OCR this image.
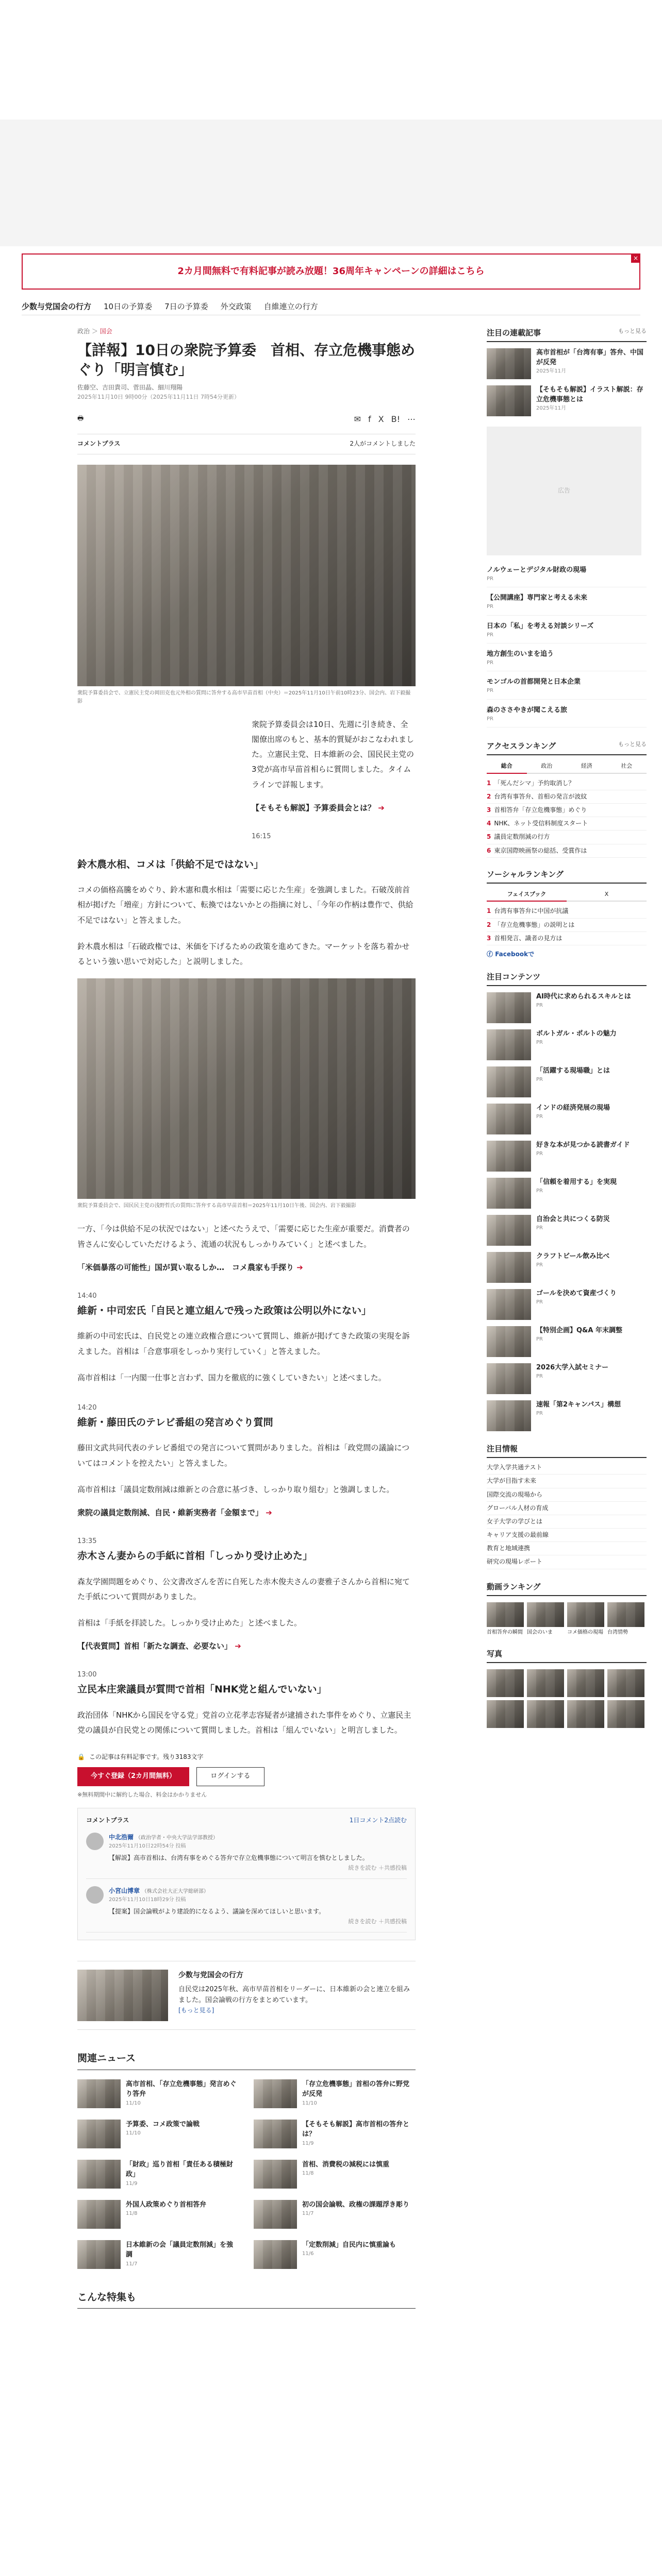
2カ月間無料で有料記事が読み放題！36周年キャンペーンの詳細はこちら
×
少数与党国会の行方 10日の予算委 7日の予算委 外交政策 自維連立の行方
政治 ＞ 国会
【詳報】10日の衆院予算委　首相、存立危機事態めぐり「明言慎む」
佐藤空、吉田貴司、菅田晶、細川翔陽
2025年11月10日 9時00分（2025年11月11日 7時54分更新）
🖶	✉ f X B! ⋯
コメントプラス	2人がコメントしました
衆院予算委員会で、立憲民主党の岡田克也元外相の質問に答弁する高市早苗首相（中央）＝2025年11月10日午前10時23分、国会内、岩下毅撮影

衆院予算委員会は10日、先週に引き続き、全閣僚出席のもと、基本的質疑がおこなわれました。立憲民主党、日本維新の会、国民民主党の3党が高市早苗首相らに質問しました。タイムラインで詳報します。

【そもそも解説】予算委員会とは？ ➔

16:15
鈴木農水相、コメは「供給不足ではない」

コメの価格高騰をめぐり、鈴木憲和農水相は「需要に応じた生産」を強調しました。石破茂前首相が掲げた「増産」方針について、転換ではないかとの指摘に対し、「今年の作柄は豊作で、供給不足ではない」と答えました。

鈴木農水相は「石破政権では、米価を下げるための政策を進めてきた。マーケットを落ち着かせるという強い思いで対応した」と説明しました。

衆院予算委員会で、国民民主党の浅野哲氏の質問に答弁する高市早苗首相＝2025年11月10日午後、国会内、岩下毅撮影

一方、「今は供給不足の状況ではない」と述べたうえで、「需要に応じた生産が重要だ。消費者の皆さんに安心していただけるよう、流通の状況もしっかりみていく」と述べました。

「米価暴落の可能性」国が買い取るしか…　コメ農家も手探り ➔

14:40
維新・中司宏氏「自民と連立組んで残った政策は公明以外にない」

維新の中司宏氏は、自民党との連立政権合意について質問し、維新が掲げてきた政策の実現を訴えました。首相は「合意事項をしっかり実行していく」と答えました。

高市首相は「一内閣一仕事と言わず、国力を徹底的に強くしていきたい」と述べました。

14:20
維新・藤田氏のテレビ番組の発言めぐり質問

藤田文武共同代表のテレビ番組での発言について質問がありました。首相は「政党間の議論についてはコメントを控えたい」と答えました。

高市首相は「議員定数削減は維新との合意に基づき、しっかり取り組む」と強調しました。

衆院の議員定数削減、自民・維新実務者「金額まで」 ➔

13:35
赤木さん妻からの手紙に首相「しっかり受け止めた」

森友学園問題をめぐり、公文書改ざんを苦に自死した赤木俊夫さんの妻雅子さんから首相に宛てた手紙について質問がありました。

首相は「手紙を拝読した。しっかり受け止めた」と述べました。

【代表質問】首相「新たな調査、必要ない」 ➔

13:00
立民本庄衆議員が質問で首相「NHK党と組んでいない」

政治団体「NHKから国民を守る党」党首の立花孝志容疑者が逮捕された事件をめぐり、立憲民主党の議員が自民党との関係について質問しました。首相は「組んでいない」と明言しました。

🔒 この記事は有料記事です。残り3183文字
今すぐ登録（2カ月間無料）	ログインする
※無料期間中に解約した場合、料金はかかりません
コメントプラス	1日コメント2点読む
中北浩爾 （政治学者・中央大学法学部教授）
2025年11月10日22時54分 投稿
【解説】高市首相は、台湾有事をめぐる答弁で存立危機事態について明言を慎むとしました。
続きを読む ＋共感投稿
小宮山博章 （株式会社大正大学総研部）
2025年11月10日18時29分 投稿
【提案】国会論戦がより建設的になるよう、議論を深めてほしいと思います。
続きを読む ＋共感投稿
少数与党国会の行方

自民党は2025年秋、高市早苗首相をリーダーに、日本維新の会と連立を組みました。国会論戦の行方をまとめています。

[もっと見る]
関連ニュース
高市首相、「存立危機事態」発言めぐり答弁
11/10
「存立危機事態」首相の答弁に野党が反発
11/10
予算委、コメ政策で論戦
11/10
【そもそも解説】高市首相の答弁とは？
11/9
「財政」巡り首相「責任ある積極財政」
11/9
首相、消費税の減税には慎重
11/8
外国人政策めぐり首相答弁
11/8
初の国会論戦、政権の課題浮き彫り
11/7
日本維新の会「議員定数削減」を強調
11/7
「定数削減」自民内に慎重論も
11/6
こんな特集も
注目の連載記事	もっと見る
高市首相が「台湾有事」答弁、中国が反発
2025年11月
【そもそも解説】イラスト解説：存立危機事態とは
2025年11月
広告
ノルウェーとデジタル財政の現場
PR
【公開講座】専門家と考える未来
PR
日本の「私」を考える対談シリーズ
PR
地方創生のいまを追う
PR
モンゴルの首都開発と日本企業
PR
森のささやきが聞こえる旅
PR
アクセスランキング	もっと見る
総合	政治	経済	社会
1 「死んだシマ」予約取消し？
2 台湾有事答弁、首相の発言が波紋
3 首相答弁「存立危機事態」めぐり
4 NHK、ネット受信料制度スタート
5 議員定数削減の行方
6 東京国際映画祭の総括、受賞作は
ソーシャルランキング
フェイスブック	X
1 台湾有事答弁に中国が抗議
2 「存立危機事態」の説明とは
3 首相発言、識者の見方は
ⓕ Facebookで
注目コンテンツ
AI時代に求められるスキルとは
PR
ボルトガル・ポルトの魅力
PR
「活躍する現場職」とは
PR
インドの経済発展の現場
PR
好きな本が見つかる読書ガイド
PR
「信頼を着用する」を実現
PR
自治会と共につくる防災
PR
クラフトビール飲み比べ
PR
ゴールを決めて資産づくり
PR
【特別企画】Q&A 年末調整
PR
2026大学入試セミナー
PR
速報「第2キャンパス」構想
PR
注目情報
大学入学共通テスト
大学が目指す未来
国際交流の現場から
グローバル人材の育成
女子大学の学びとは
キャリア支援の最前線
教育と地域連携
研究の現場レポート
動画ランキング

首相答弁の瞬間 国会のいま	コメ価格の現場 台湾情勢

写真
